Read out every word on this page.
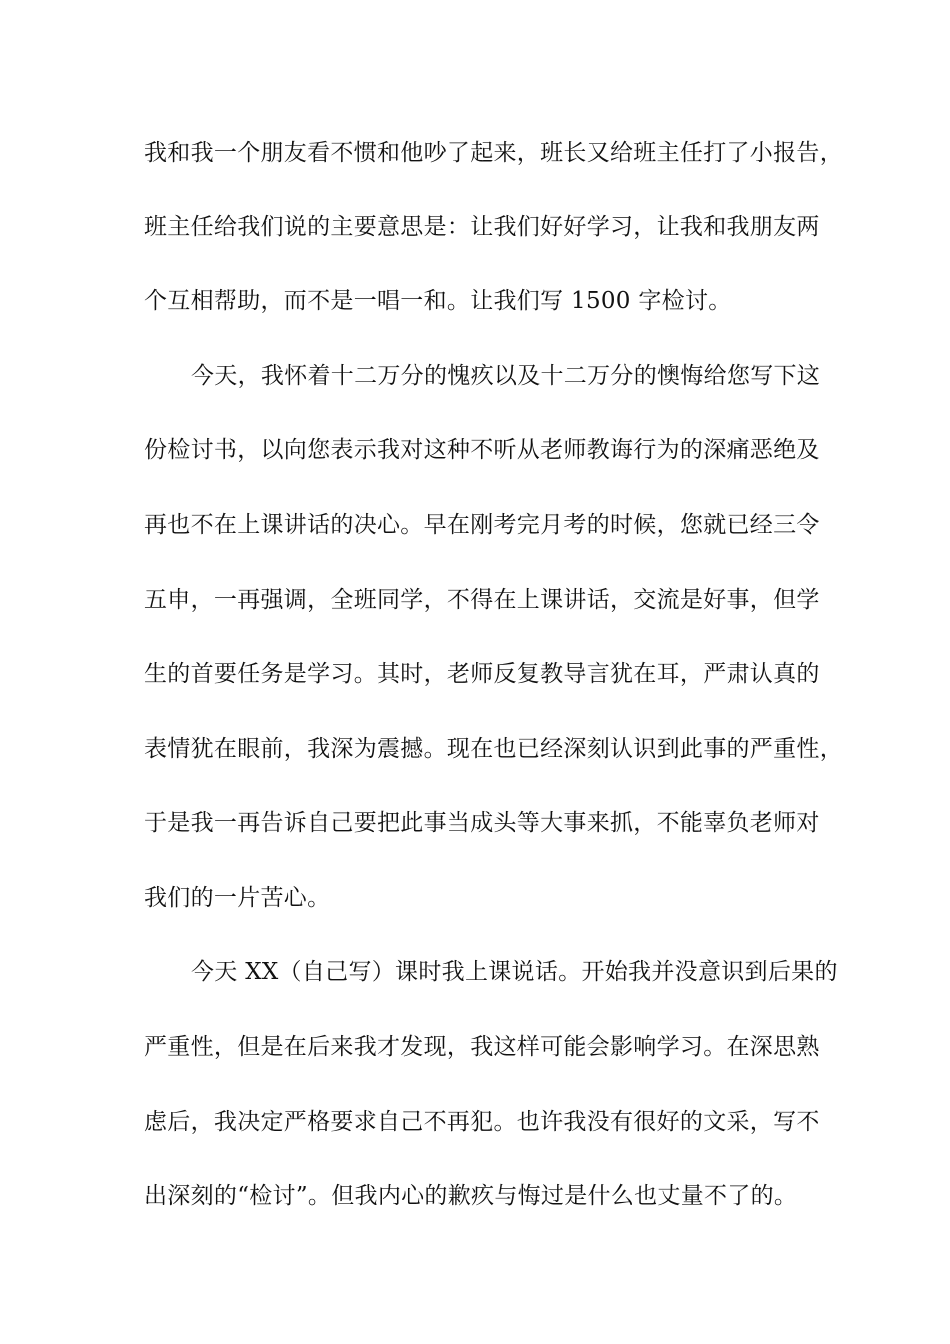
我和我一个朋友看不惯和他吵了起来，班长又给班主任打了小报告，
班主任给我们说的主要意思是：让我们好好学习，让我和我朋友两
个互相帮助，而不是一唱一和。让我们写 1500 字检讨。
今天，我怀着十二万分的愧疚以及十二万分的懊悔给您写下这
份检讨书，以向您表示我对这种不听从老师教诲行为的深痛恶绝及
再也不在上课讲话的决心。早在刚考完月考的时候，您就已经三令
五申，一再强调，全班同学，不得在上课讲话，交流是好事，但学
生的首要任务是学习。其时，老师反复教导言犹在耳，严肃认真的
表情犹在眼前，我深为震撼。现在也已经深刻认识到此事的严重性，
于是我一再告诉自己要把此事当成头等大事来抓，不能辜负老师对
我们的一片苦心。
今天 XX（自己写）课时我上课说话。开始我并没意识到后果的
严重性，但是在后来我才发现，我这样可能会影响学习。在深思熟
虑后，我决定严格要求自己不再犯。也许我没有很好的文采，写不
出深刻的“检讨”。但我内心的歉疚与悔过是什么也丈量不了的。
